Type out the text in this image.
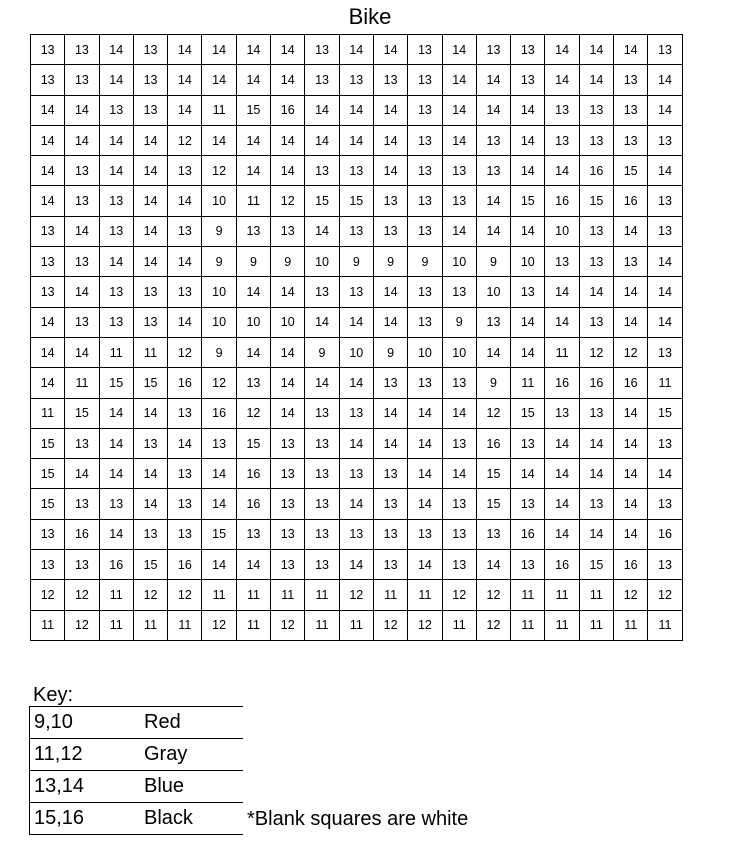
Bike
13	13	14	13	14	14	14	14	13	14	14	13	14	13	13	14	14	14	13
13	13	14	13	14	14	14	14	13	13	13	13	14	14	13	14	14	13	14
14	14	13	13	14	11	15	16	14	14	14	13	14	14	14	13	13	13	14
14	14	14	14	12	14	14	14	14	14	14	13	14	13	14	13	13	13	13
14	13	14	14	13	12	14	14	13	13	14	13	13	13	14	14	16	15	14
14	13	13	14	14	10	11	12	15	15	13	13	13	14	15	16	15	16	13
13	14	13	14	13	9	13	13	14	13	13	13	14	14	14	10	13	14	13
13	13	14	14	14	9	9	9	10	9	9	9	10	9	10	13	13	13	14
13	14	13	13	13	10	14	14	13	13	14	13	13	10	13	14	14	14	14
14	13	13	13	14	10	10	10	14	14	14	13	9	13	14	14	13	14	14
14	14	11	11	12	9	14	14	9	10	9	10	10	14	14	11	12	12	13
14	11	15	15	16	12	13	14	14	14	13	13	13	9	11	16	16	16	11
11	15	14	14	13	16	12	14	13	13	14	14	14	12	15	13	13	14	15
15	13	14	13	14	13	15	13	13	14	14	14	13	16	13	14	14	14	13
15	14	14	14	13	14	16	13	13	13	13	14	14	15	14	14	14	14	14
15	13	13	14	13	14	16	13	13	14	13	14	13	15	13	14	13	14	13
13	16	14	13	13	15	13	13	13	13	13	13	13	13	16	14	14	14	16
13	13	16	15	16	14	14	13	13	14	13	14	13	14	13	16	15	16	13
12	12	11	12	12	11	11	11	11	12	11	11	12	12	11	11	11	12	12
11	12	11	11	11	12	11	12	11	11	12	12	11	12	11	11	11	11	11
Key:
9,10	Red

11,12	Gray

13,14	Blue

15,16	Black	*Blank squares are white
